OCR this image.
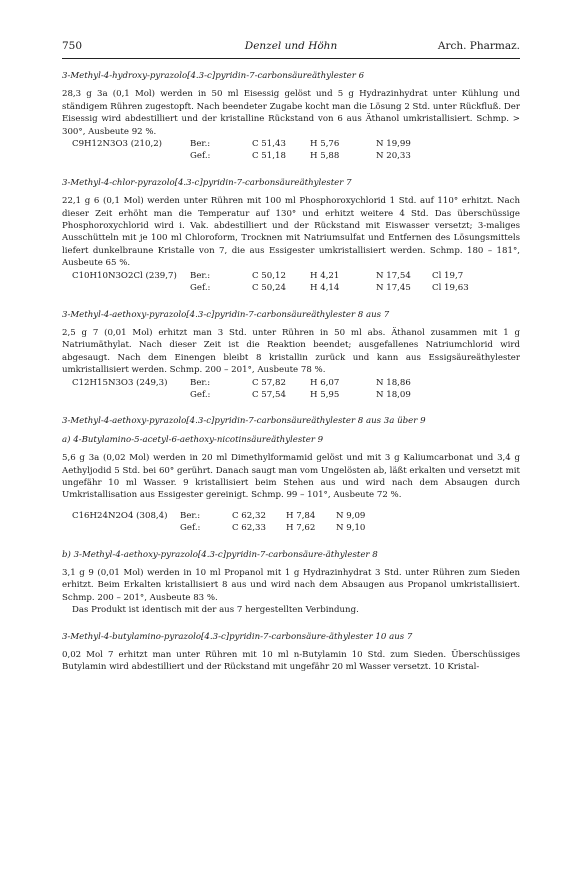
750	Denzel und Höhn	Arch. Pharmaz.

3-Methyl-4-hydroxy-pyrazolo[4.3-c]pyridin-7-carbonsäureäthylester 6

28,3 g 3a (0,1 Mol) werden in 50 ml Eisessig gelöst und 5 g Hydrazinhydrat unter Kühlung und ständigem Rühren zugestopft. Nach beendeter Zugabe kocht man die Lösung 2 Std. unter Rückfluß. Der Eisessig wird abdestilliert und der kristalline Rückstand von 6 aus Äthanol umkristallisiert. Schmp. > 300°, Ausbeute 92 %.

C9H12N3O3 (210,2)	Ber.:	C 51,43	H 5,76	N 19,99
Gef.:	C 51,18	H 5,88	N 20,33

3-Methyl-4-chlor-pyrazolo[4.3-c]pyridin-7-carbonsäureäthylester 7

22,1 g 6 (0,1 Mol) werden unter Rühren mit 100 ml Phosphoroxychlorid 1 Std. auf 110° erhitzt. Nach dieser Zeit erhöht man die Temperatur auf 130° und erhitzt weitere 4 Std. Das überschüssige Phosphoroxychlorid wird i. Vak. abdestilliert und der Rückstand mit Eiswasser versetzt; 3-maliges Ausschütteln mit je 100 ml Chloroform, Trocknen mit Natriumsulfat und Entfernen des Lösungsmittels liefert dunkelbraune Kristalle von 7, die aus Essigester umkristallisiert werden. Schmp. 180 – 181°, Ausbeute 65 %.

C10H10N3O2Cl (239,7)	Ber.:	C 50,12	H 4,21	N 17,54	Cl 19,7
Gef.:	C 50,24	H 4,14	N 17,45	Cl 19,63

3-Methyl-4-aethoxy-pyrazolo[4.3-c]pyridin-7-carbonsäureäthylester 8 aus 7

2,5 g 7 (0,01 Mol) erhitzt man 3 Std. unter Rühren in 50 ml abs. Äthanol zusammen mit 1 g Natriumäthylat. Nach dieser Zeit ist die Reaktion beendet; ausgefallenes Natriumchlorid wird abgesaugt. Nach dem Einengen bleibt 8 kristallin zurück und kann aus Essigsäureäthylester umkristallisiert werden. Schmp. 200 – 201°, Ausbeute 78 %.

C12H15N3O3 (249,3)	Ber.:	C 57,82	H 6,07	N 18,86
Gef.:	C 57,54	H 5,95	N 18,09

3-Methyl-4-aethoxy-pyrazolo[4.3-c]pyridin-7-carbonsäureäthylester 8 aus 3a über 9

a) 4-Butylamino-5-acetyl-6-aethoxy-nicotinsäureäthylester 9

5,6 g 3a (0,02 Mol) werden in 20 ml Dimethylformamid gelöst und mit 3 g Kaliumcarbonat und 3,4 g Aethyljodid 5 Std. bei 60° gerührt. Danach saugt man vom Ungelösten ab, läßt erkalten und versetzt mit ungefähr 10 ml Wasser. 9 kristallisiert beim Stehen aus und wird nach dem Absaugen durch Umkristallisation aus Essigester gereinigt. Schmp. 99 – 101°, Ausbeute 72 %.

C16H24N2O4 (308,4)	Ber.:	C 62,32	H 7,84	N 9,09
Gef.:	C 62,33	H 7,62	N 9,10

b) 3-Methyl-4-aethoxy-pyrazolo[4.3-c]pyridin-7-carbonsäure-äthylester 8

3,1 g 9 (0,01 Mol) werden in 10 ml Propanol mit 1 g Hydrazinhydrat 3 Std. unter Rühren zum Sieden erhitzt. Beim Erkalten kristallisiert 8 aus und wird nach dem Absaugen aus Propanol umkristallisiert. Schmp. 200 – 201°, Ausbeute 83 %.

Das Produkt ist identisch mit der aus 7 hergestellten Verbindung.

3-Methyl-4-butylamino-pyrazolo[4.3-c]pyridin-7-carbonsäure-äthylester 10 aus 7

0,02 Mol 7 erhitzt man unter Rühren mit 10 ml n-Butylamin 10 Std. zum Sieden. Überschüssiges Butylamin wird abdestilliert und der Rückstand mit ungefähr 20 ml Wasser versetzt. 10 Kristal-
